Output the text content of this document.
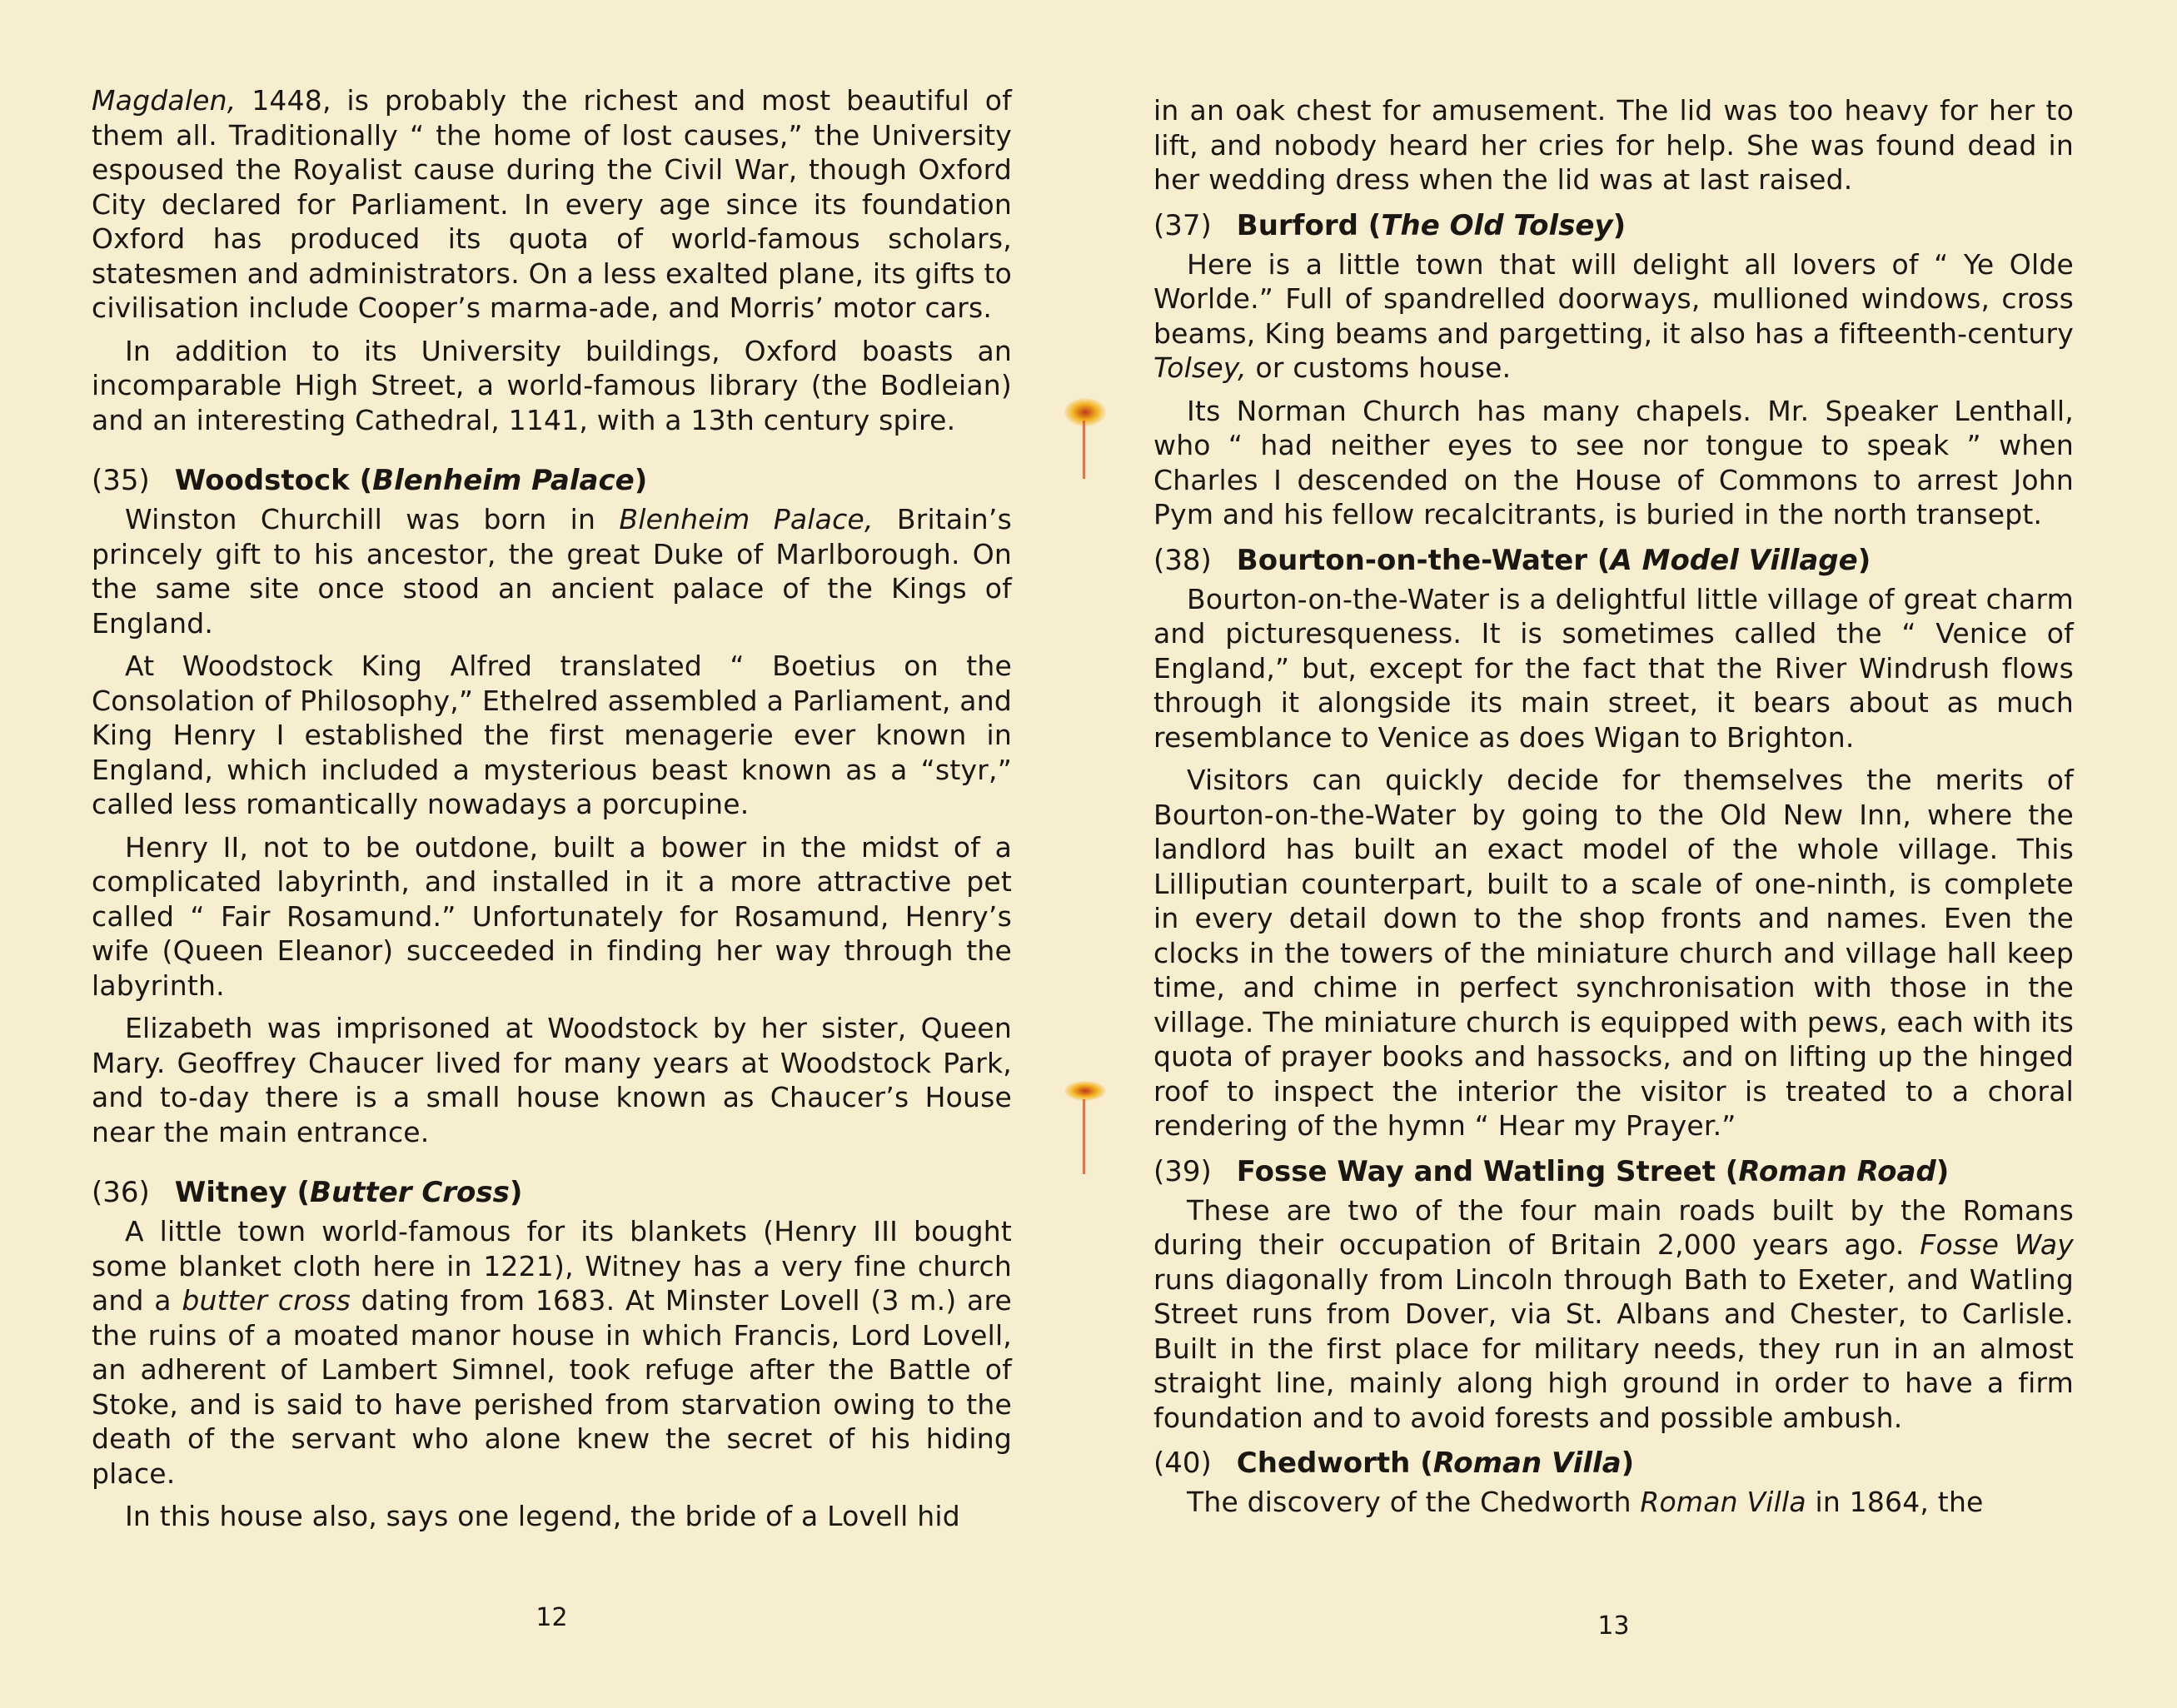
Magdalen, 1448, is probably the richest and most beautiful of them all. Traditionally “ the home of lost causes,” the University espoused the Royalist cause during the Civil War, though Oxford City declared for Parliament. In every age since its foundation Oxford has produced its quota of world-famous scholars, statesmen and administrators. On a less exalted plane, its gifts to civilisation include Cooper’s marma-ade, and Morris’ motor cars.

In addition to its University buildings, Oxford boasts an incomparable High Street, a world-famous library (the Bodleian) and an interesting Cathedral, 1141, with a 13th century spire.

(35) Woodstock (Blenheim Palace)

Winston Churchill was born in Blenheim Palace, Britain’s princely gift to his ancestor, the great Duke of Marlborough. On the same site once stood an ancient palace of the Kings of England.

At Woodstock King Alfred translated “ Boetius on the Consolation of Philosophy,” Ethelred assembled a Parliament, and King Henry I established the first menagerie ever known in England, which included a mysterious beast known as a “styr,” called less romantically nowadays a porcupine.

Henry II, not to be outdone, built a bower in the midst of a complicated labyrinth, and installed in it a more attractive pet called “ Fair Rosamund.” Unfortunately for Rosamund, Henry’s wife (Queen Eleanor) succeeded in finding her way through the labyrinth.

Elizabeth was imprisoned at Woodstock by her sister, Queen Mary. Geoffrey Chaucer lived for many years at Woodstock Park, and to-day there is a small house known as Chaucer’s House near the main entrance.

(36) Witney (Butter Cross)

A little town world-famous for its blankets (Henry III bought some blanket cloth here in 1221), Witney has a very fine church and a butter cross dating from 1683. At Minster Lovell (3 m.) are the ruins of a moated manor house in which Francis, Lord Lovell, an adherent of Lambert Simnel, took refuge after the Battle of Stoke, and is said to have perished from starvation owing to the death of the servant who alone knew the secret of his hiding place.

In this house also, says one legend, the bride of a Lovell hid

12

in an oak chest for amusement. The lid was too heavy for her to lift, and nobody heard her cries for help. She was found dead in her wedding dress when the lid was at last raised.

(37) Burford (The Old Tolsey)

Here is a little town that will delight all lovers of “ Ye Olde Worlde.” Full of spandrelled doorways, mullioned windows, cross beams, King beams and pargetting, it also has a fifteenth-century Tolsey, or customs house.

Its Norman Church has many chapels. Mr. Speaker Lenthall, who “ had neither eyes to see nor tongue to speak ” when Charles I descended on the House of Commons to arrest John Pym and his fellow recalcitrants, is buried in the north transept.

(38) Bourton-on-the-Water (A Model Village)

Bourton-on-the-Water is a delightful little village of great charm and picturesqueness. It is sometimes called the “ Venice of England,” but, except for the fact that the River Windrush flows through it alongside its main street, it bears about as much resemblance to Venice as does Wigan to Brighton.

Visitors can quickly decide for themselves the merits of Bourton-on-the-Water by going to the Old New Inn, where the landlord has built an exact model of the whole village. This Lilliputian counterpart, built to a scale of one-ninth, is complete in every detail down to the shop fronts and names. Even the clocks in the towers of the miniature church and village hall keep time, and chime in perfect synchronisation with those in the village. The miniature church is equipped with pews, each with its quota of prayer books and hassocks, and on lifting up the hinged roof to inspect the interior the visitor is treated to a choral rendering of the hymn “ Hear my Prayer.”

(39) Fosse Way and Watling Street (Roman Road)

These are two of the four main roads built by the Romans during their occupation of Britain 2,000 years ago. Fosse Way runs diagonally from Lincoln through Bath to Exeter, and Watling Street runs from Dover, via St. Albans and Chester, to Carlisle. Built in the first place for military needs, they run in an almost straight line, mainly along high ground in order to have a firm foundation and to avoid forests and possible ambush.

(40) Chedworth (Roman Villa)

The discovery of the Chedworth Roman Villa in 1864, the

13
